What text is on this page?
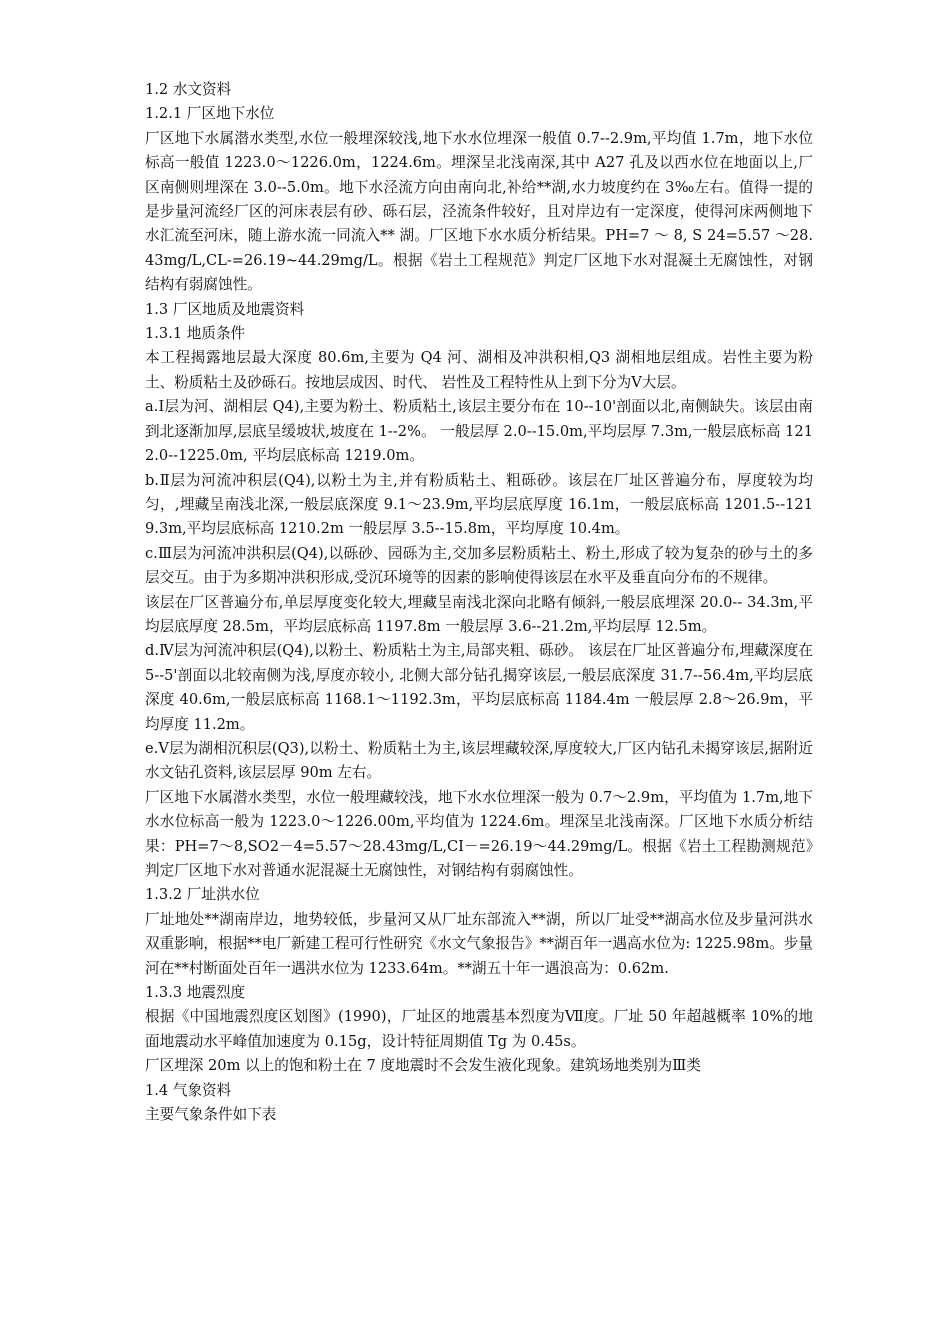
1.2 水文资料
1.2.1 厂区地下水位

厂区地下水属潜水类型,水位一般埋深较浅,地下水水位埋深一般值 0.7--2.9m,平均值 1.7m，地下水位标高一般值 1223.0～1226.0m，1224.6m。埋深呈北浅南深,其中 A27 孔及以西水位在地面以上,厂区南侧则埋深在 3.0--5.0m。地下水泾流方向由南向北,补给**湖,水力坡度约在 3‰左右。值得一提的是步量河流经厂区的河床表层有砂、砾石层，泾流条件较好，且对岸边有一定深度，使得河床两侧地下水汇流至河床，随上游水流一同流入** 湖。厂区地下水水质分析结果。PH=7 ～ 8, S 24=5.57 ～28.43mg/L,CL-=26.19~44.29mg/L。根据《岩土工程规范》判定厂区地下水对混凝土无腐蚀性，对钢结构有弱腐蚀性。

1.3 厂区地质及地震资料
1.3.1 地质条件

本工程揭露地层最大深度 80.6m,主要为 Q4 河、湖相及冲洪积相,Q3 湖相地层组成。岩性主要为粉土、粉质粘土及砂砾石。按地层成因、时代、 岩性及工程特性从上到下分为Ⅴ大层。

a.Ⅰ层为河、湖相层 Q4),主要为粉土、粉质粘土,该层主要分布在 10--10'剖面以北,南侧缺失。该层由南到北逐渐加厚,层底呈缓坡状,坡度在 1--2%。 一般层厚 2.0--15.0m,平均层厚 7.3m,一般层底标高 1212.0--1225.0m, 平均层底标高 1219.0m。

b.Ⅱ层为河流冲积层(Q4),以粉土为主,并有粉质粘土、粗砾砂。该层在厂址区普遍分布，厚度较为均匀，,埋藏呈南浅北深,一般层底深度 9.1～23.9m,平均层底厚度 16.1m，一般层底标高 1201.5--1219.3m,平均层底标高 1210.2m 一般层厚 3.5--15.8m，平均厚度 10.4m。

c.Ⅲ层为河流冲洪积层(Q4),以砾砂、园砾为主,交加多层粉质粘土、粉土,形成了较为复杂的砂与土的多层交互。由于为多期冲洪积形成,受沉环境等的因素的影响使得该层在水平及垂直向分布的不规律。

该层在厂区普遍分布,单层厚度变化较大,埋藏呈南浅北深向北略有倾斜,一般层底埋深 20.0-- 34.3m,平均层底厚度 28.5m，平均层底标高 1197.8m 一般层厚 3.6--21.2m,平均层厚 12.5m。

d.Ⅳ层为河流冲积层(Q4),以粉土、粉质粘土为主,局部夹粗、砾砂。 该层在厂址区普遍分布,埋藏深度在 5--5'剖面以北较南侧为浅,厚度亦较小, 北侧大部分钻孔揭穿该层,一般层底深度 31.7--56.4m,平均层底深度 40.6m,一般层底标高 1168.1～1192.3m，平均层底标高 1184.4m 一般层厚 2.8～26.9m，平均厚度 11.2m。

e.Ⅴ层为湖相沉积层(Q3),以粉土、粉质粘土为主,该层埋藏较深,厚度较大,厂区内钻孔未揭穿该层,据附近水文钻孔资料,该层层厚 90m 左右。

厂区地下水属潜水类型，水位一般埋藏较浅，地下水水位埋深一般为 0.7～2.9m，平均值为 1.7m,地下水水位标高一般为 1223.0～1226.00m,平均值为 1224.6m。埋深呈北浅南深。厂区地下水质分析结果：PH=7～8,SO2－4=5.57～28.43mg/L,CI－=26.19～44.29mg/L。根据《岩土工程勘测规范》判定厂区地下水对普通水泥混凝土无腐蚀性，对钢结构有弱腐蚀性。

1.3.2 厂址洪水位

厂址地处**湖南岸边，地势较低，步量河又从厂址东部流入**湖，所以厂址受**湖高水位及步量河洪水双重影响，根据**电厂新建工程可行性研究《水文气象报告》**湖百年一遇高水位为: 1225.98m。步量河在**村断面处百年一遇洪水位为 1233.64m。**湖五十年一遇浪高为：0.62m.

1.3.3 地震烈度

根据《中国地震烈度区划图》(1990)，厂址区的地震基本烈度为Ⅶ度。厂址 50 年超越概率 10%的地面地震动水平峰值加速度为 0.15g，设计特征周期值 Tg 为 0.45s。

厂区埋深 20m 以上的饱和粉土在 7 度地震时不会发生液化现象。建筑场地类别为Ⅲ类

1.4 气象资料

主要气象条件如下表
